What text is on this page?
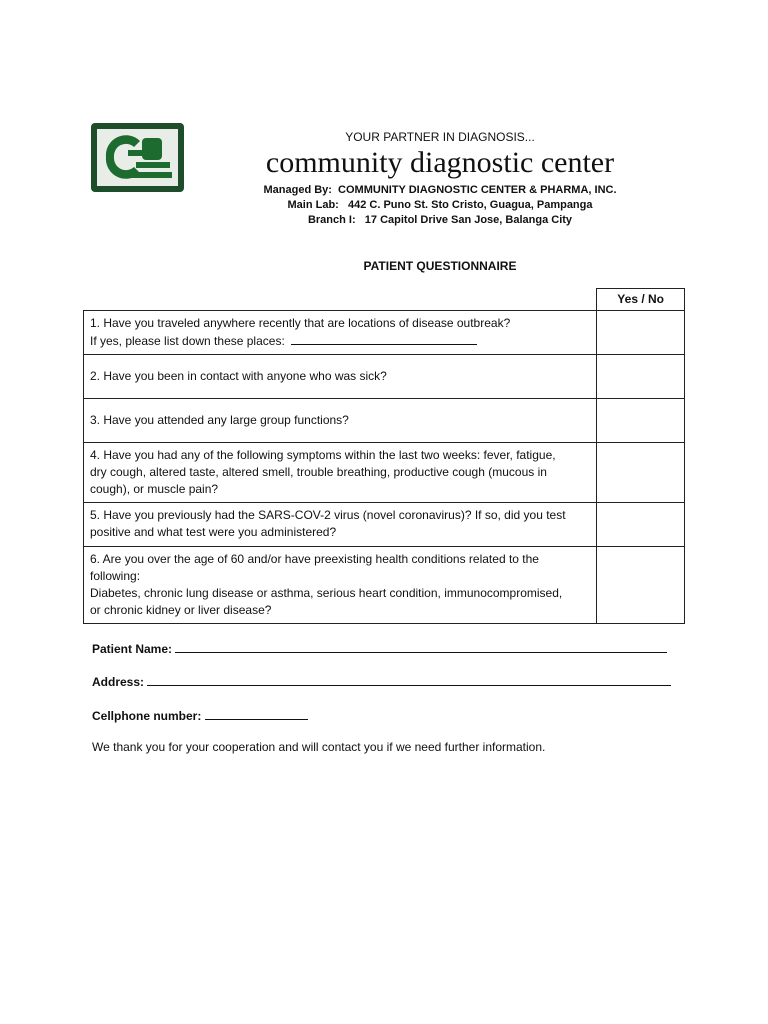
YOUR PARTNER IN DIAGNOSIS...
community diagnostic center
Managed By:  COMMUNITY DIAGNOSTIC CENTER & PHARMA, INC.
Main Lab:   442 C. Puno St. Sto Cristo, Guagua, Pampanga
Branch I:   17 Capitol Drive San Jose, Balanga City
PATIENT QUESTIONNAIRE
	Yes / No

1. Have you traveled anywhere recently that are locations of disease outbreak?
If yes, please list down these places:	

2. Have you been in contact with anyone who was sick?	

3. Have you attended any large group functions?	

4. Have you had any of the following symptoms within the last two weeks: fever, fatigue,
dry cough, altered taste, altered smell, trouble breathing, productive cough (mucous in
cough), or muscle pain?	

5. Have you previously had the SARS-COV-2 virus (novel coronavirus)? If so, did you test
positive and what test were you administered?	

6. Are you over the age of 60 and/or have preexisting health conditions related to the
following:
Diabetes, chronic lung disease or asthma, serious heart condition, immunocompromised,
or chronic kidney or liver disease?	

Patient Name:
Address:
Cellphone number:
We thank you for your cooperation and will contact you if we need further information.
